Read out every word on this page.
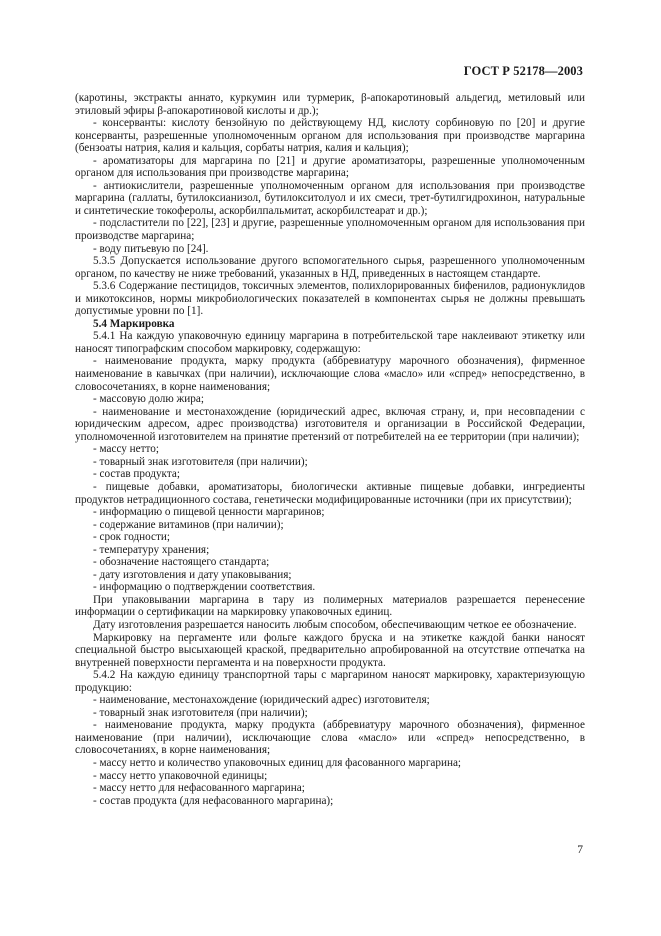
ГОСТ Р 52178—2003

(каротины, экстракты аннато, куркумин или турмерик, β-апокаротиновый альдегид, метиловый или этиловый эфиры β-апокаротиновой кислоты и др.);

- консерванты: кислоту бензойную по действующему НД, кислоту сорбиновую по [20] и другие консерванты, разрешенные уполномоченным органом для использования при производстве маргарина (бензоаты натрия, калия и кальция, сорбаты натрия, калия и кальция);

- ароматизаторы для маргарина по [21] и другие ароматизаторы, разрешенные уполномоченным органом для использования при производстве маргарина;

- антиокислители, разрешенные уполномоченным органом для использования при производстве маргарина (галлаты, бутилоксианизол, бутилокситолуол и их смеси, трет-бутилгидрохинон, натуральные и синтетические токоферолы, аскорбилпальмитат, аскорбилстеарат и др.);

- подсластители по [22], [23] и другие, разрешенные уполномоченным органом для использования при производстве маргарина;

- воду питьевую по [24].

5.3.5 Допускается использование другого вспомогательного сырья, разрешенного уполномоченным органом, по качеству не ниже требований, указанных в НД, приведенных в настоящем стандарте.

5.3.6 Содержание пестицидов, токсичных элементов, полихлорированных бифенилов, радионуклидов и микотоксинов, нормы микробиологических показателей в компонентах сырья не должны превышать допустимые уровни по [1].

5.4 Маркировка

5.4.1 На каждую упаковочную единицу маргарина в потребительской таре наклеивают этикетку или наносят типографским способом маркировку, содержащую:

- наименование продукта, марку продукта (аббревиатуру марочного обозначения), фирменное наименование в кавычках (при наличии), исключающие слова «масло» или «спред» непосредственно, в словосочетаниях, в корне наименования;

- массовую долю жира;

- наименование и местонахождение (юридический адрес, включая страну, и, при несовпадении с юридическим адресом, адрес производства) изготовителя и организации в Российской Федерации, уполномоченной изготовителем на принятие претензий от потребителей на ее территории (при наличии);

- массу нетто;

- товарный знак изготовителя (при наличии);

- состав продукта;

- пищевые добавки, ароматизаторы, биологически активные пищевые добавки, ингредиенты продуктов нетрадиционного состава, генетически модифицированные источники (при их присутствии);

- информацию о пищевой ценности маргаринов;

- содержание витаминов (при наличии);

- срок годности;

- температуру хранения;

- обозначение настоящего стандарта;

- дату изготовления и дату упаковывания;

- информацию о подтверждении соответствия.

При упаковывании маргарина в тару из полимерных материалов разрешается перенесение информации о сертификации на маркировку упаковочных единиц.

Дату изготовления разрешается наносить любым способом, обеспечивающим четкое ее обозначение.

Маркировку на пергаменте или фольге каждого бруска и на этикетке каждой банки наносят специальной быстро высыхающей краской, предварительно апробированной на отсутствие отпечатка на внутренней поверхности пергамента и на поверхности продукта.

5.4.2 На каждую единицу транспортной тары с маргарином наносят маркировку, характеризующую продукцию:

- наименование, местонахождение (юридический адрес) изготовителя;

- товарный знак изготовителя (при наличии);

- наименование продукта, марку продукта (аббревиатуру марочного обозначения), фирменное наименование (при наличии), исключающие слова «масло» или «спред» непосредственно, в словосочетаниях, в корне наименования;

- массу нетто и количество упаковочных единиц для фасованного маргарина;

- массу нетто упаковочной единицы;

- массу нетто для нефасованного маргарина;

- состав продукта (для нефасованного маргарина);

7
